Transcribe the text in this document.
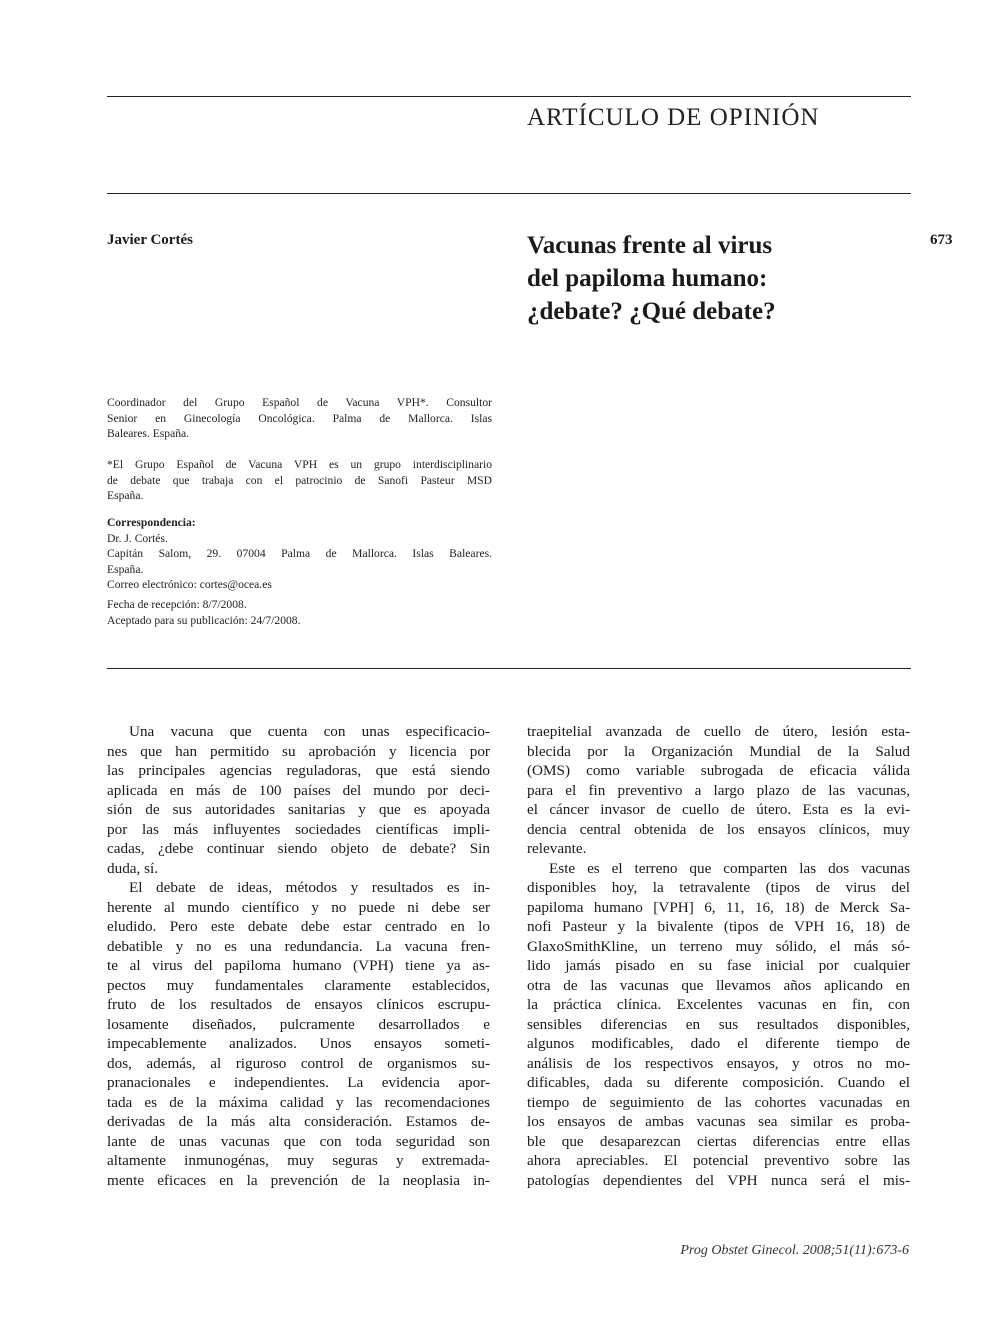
ARTÍCULO DE OPINIÓN
Javier Cortés	Vacunas frente al virus
del papiloma humano:
¿debate? ¿Qué debate?
673
Coordinador del Grupo Español de Vacuna VPH*. Consultor
Senior en Ginecología Oncológica. Palma de Mallorca. Islas
Baleares. España.
*El Grupo Español de Vacuna VPH es un grupo interdisciplinario
de debate que trabaja con el patrocinio de Sanofi Pasteur MSD
España.
Correspondencia:
Dr. J. Cortés.
Capitán Salom, 29. 07004 Palma de Mallorca. Islas Baleares.
España.
Correo electrónico: cortes@ocea.es
Fecha de recepción: 8/7/2008.
Aceptado para su publicación: 24/7/2008.

Una vacuna que cuenta con unas especificacio-
nes que han permitido su aprobación y licencia por
las principales agencias reguladoras, que está siendo
aplicada en más de 100 países del mundo por deci-
sión de sus autoridades sanitarias y que es apoyada
por las más influyentes sociedades científicas impli-
cadas, ¿debe continuar siendo objeto de debate? Sin
duda, sí.

El debate de ideas, métodos y resultados es in-
herente al mundo científico y no puede ni debe ser
eludido. Pero este debate debe estar centrado en lo
debatible y no es una redundancia. La vacuna fren-
te al virus del papiloma humano (VPH) tiene ya as-
pectos muy fundamentales claramente establecidos,
fruto de los resultados de ensayos clínicos escrupu-
losamente diseñados, pulcramente desarrollados e
impecablemente analizados. Unos ensayos someti-
dos, además, al riguroso control de organismos su-
pranacionales e independientes. La evidencia apor-
tada es de la máxima calidad y las recomendaciones
derivadas de la más alta consideración. Estamos de-
lante de unas vacunas que con toda seguridad son
altamente inmunogénas, muy seguras y extremada-
mente eficaces en la prevención de la neoplasia in-

traepitelial avanzada de cuello de útero, lesión esta-
blecida por la Organización Mundial de la Salud
(OMS) como variable subrogada de eficacia válida
para el fin preventivo a largo plazo de las vacunas,
el cáncer invasor de cuello de útero. Esta es la evi-
dencia central obtenida de los ensayos clínicos, muy
relevante.

Este es el terreno que comparten las dos vacunas
disponibles hoy, la tetravalente (tipos de virus del
papiloma humano [VPH] 6, 11, 16, 18) de Merck Sa-
nofi Pasteur y la bivalente (tipos de VPH 16, 18) de
GlaxoSmithKline, un terreno muy sólido, el más só-
lido jamás pisado en su fase inicial por cualquier
otra de las vacunas que llevamos años aplicando en
la práctica clínica. Excelentes vacunas en fin, con
sensibles diferencias en sus resultados disponibles,
algunos modificables, dado el diferente tiempo de
análisis de los respectivos ensayos, y otros no mo-
dificables, dada su diferente composición. Cuando el
tiempo de seguimiento de las cohortes vacunadas en
los ensayos de ambas vacunas sea similar es proba-
ble que desaparezcan ciertas diferencias entre ellas
ahora apreciables. El potencial preventivo sobre las
patologías dependientes del VPH nunca será el mis-

Prog Obstet Ginecol. 2008;51(11):673-6
